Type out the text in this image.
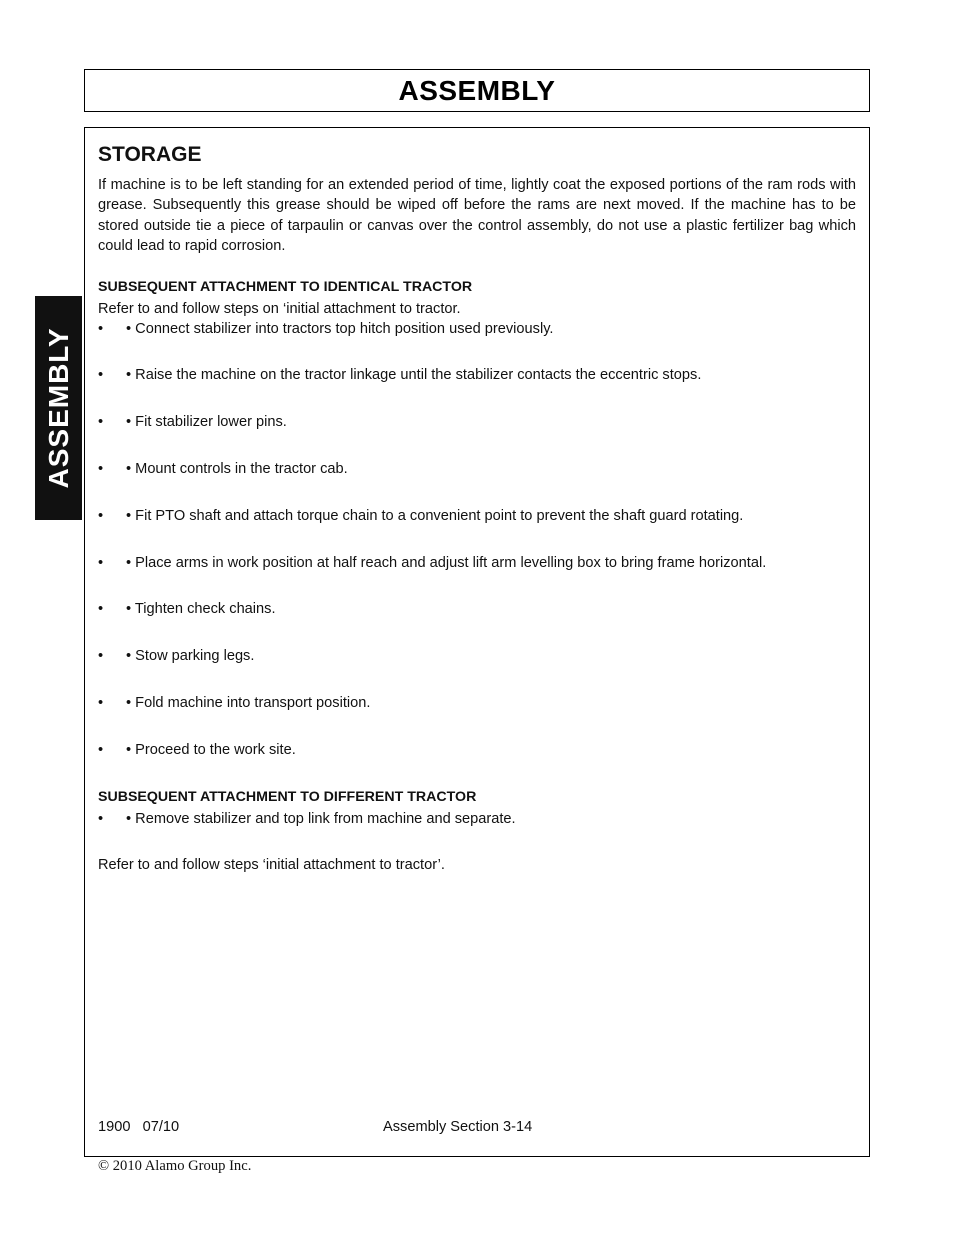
ASSEMBLY
ASSEMBLY
STORAGE

If machine is to be left standing for an extended period of time, lightly coat the exposed portions of the ram rods with grease. Subsequently this grease should be wiped off before the rams are next moved. If the machine has to be stored outside tie a piece of tarpaulin or canvas over the control assembly, do not use a plastic fertilizer bag which could lead to rapid corrosion.

SUBSEQUENT ATTACHMENT TO IDENTICAL TRACTOR

Refer to and follow steps on ‘initial attachment to tractor.

• • Connect stabilizer into tractors top hitch position used previously.
• • Raise the machine on the tractor linkage until the stabilizer contacts the eccentric stops.
• • Fit stabilizer lower pins.
• • Mount controls in the tractor cab.
• • Fit PTO shaft and attach torque chain to a convenient point to prevent the shaft guard rotating.
• • Place arms in work position at half reach and adjust lift arm levelling box to bring frame horizontal.
• • Tighten check chains.
• • Stow parking legs.
• • Fold machine into transport position.
• • Proceed to the work site.
SUBSEQUENT ATTACHMENT TO DIFFERENT TRACTOR
• • Remove stabilizer and top link from machine and separate.

Refer to and follow steps ‘initial attachment to tractor’.

1900   07/10	Assembly Section 3-14
© 2010 Alamo Group Inc.
